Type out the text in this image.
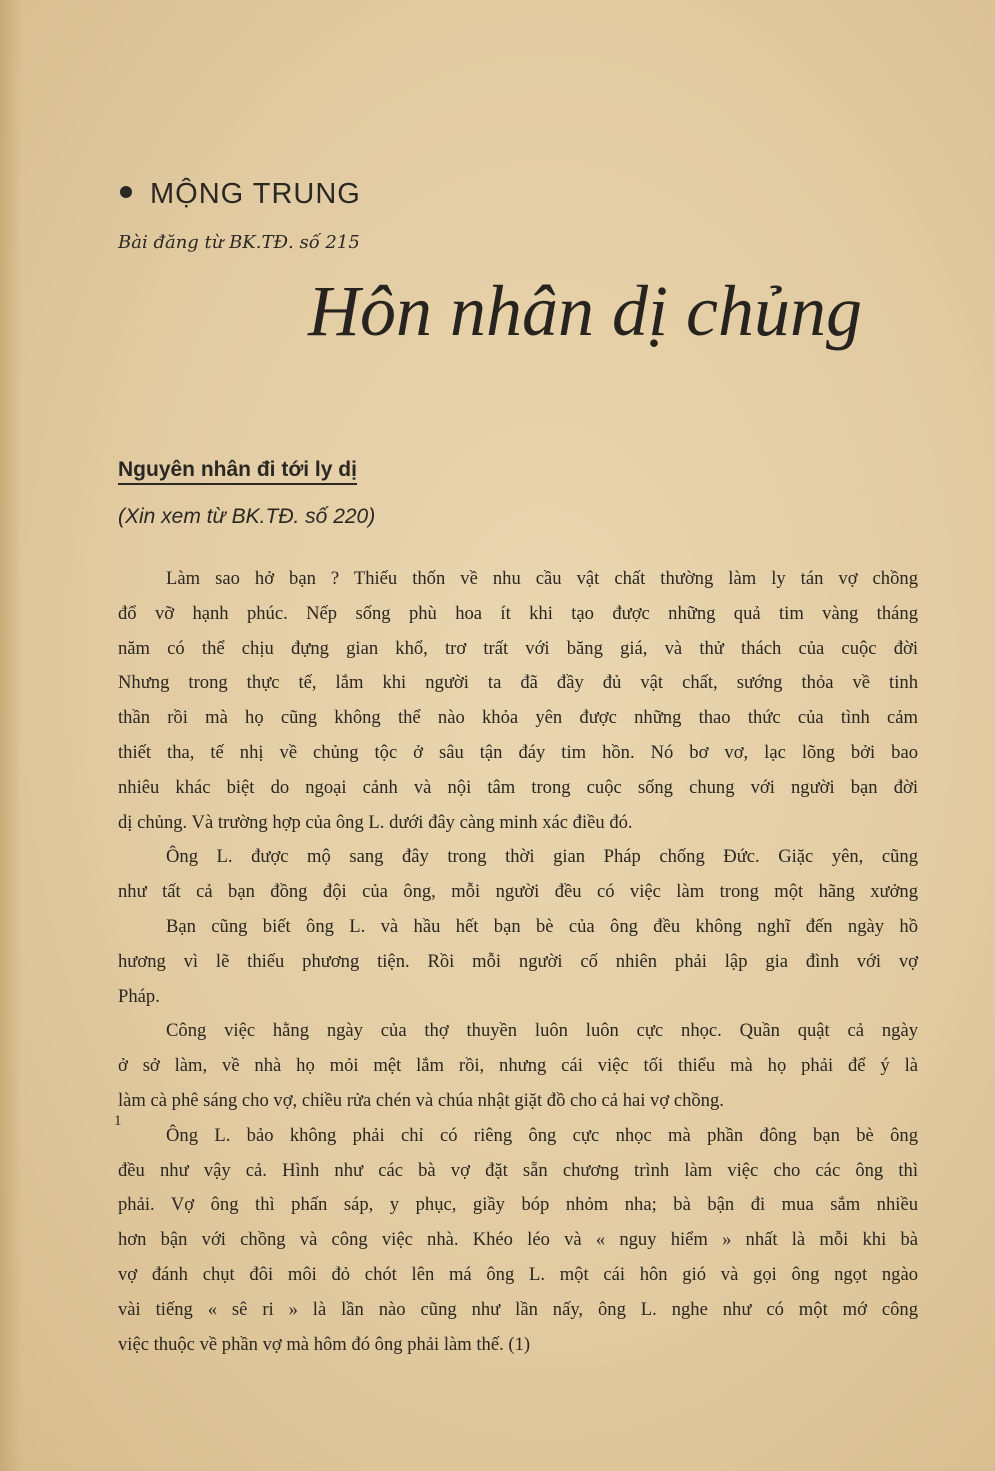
MỘNG TRUNG
Bài đăng từ BK.TĐ. số 215
Hôn nhân dị chủng
Nguyên nhân đi tới ly dị
(Xin xem từ BK.TĐ. số 220)
Làm sao hở bạn ? Thiếu thốn về nhu cầu vật chất thường làm ly tán vợ chồng
đổ vỡ hạnh phúc. Nếp sống phù hoa ít khi tạo được những quả tim vàng tháng
năm có thể chịu đựng gian khổ, trơ trất với băng giá, và thử thách của cuộc đời
Nhưng trong thực tế, lắm khi người ta đã đầy đủ vật chất, sướng thỏa về tinh
thần rồi mà họ cũng không thể nào khỏa yên được những thao thức của tình cảm
thiết tha, tế nhị về chủng tộc ở sâu tận đáy tim hồn. Nó bơ vơ, lạc lõng bởi bao
nhiêu khác biệt do ngoại cảnh và nội tâm trong cuộc sống chung với người bạn đời
dị chủng. Và trường hợp của ông L. dưới đây càng minh xác điều đó.
Ông L. được mộ sang đây trong thời gian Pháp chống Đức. Giặc yên, cũng
như tất cả bạn đồng đội của ông, mỗi người đều có việc làm trong một hãng xưởng
Bạn cũng biết ông L. và hầu hết bạn bè của ông đều không nghĩ đến ngày hồ
hương vì lẽ thiếu phương tiện. Rồi mỗi người cố nhiên phải lập gia đình với vợ
Pháp.
Công việc hằng ngày của thợ thuyền luôn luôn cực nhọc. Quần quật cả ngày
ở sở làm, về nhà họ mỏi mệt lắm rồi, nhưng cái việc tối thiểu mà họ phải để ý là
làm cà phê sáng cho vợ, chiều rửa chén và chúa nhật giặt đồ cho cả hai vợ chồng.
Ông L. bảo không phải chỉ có riêng ông cực nhọc mà phần đông bạn bè ông
đều như vậy cả. Hình như các bà vợ đặt sẵn chương trình làm việc cho các ông thì
phải. Vợ ông thì phấn sáp, y phục, giầy bóp nhỏm nha; bà bận đi mua sắm nhiều
hơn bận với chồng và công việc nhà. Khéo léo và « nguy hiểm » nhất là mỗi khi bà
vợ đánh chụt đôi môi đỏ chót lên má ông L. một cái hôn gió và gọi ông ngọt ngào
vài tiếng « sê ri » là lần nào cũng như lần nấy, ông L. nghe như có một mớ công
việc thuộc về phần vợ mà hôm đó ông phải làm thế. (1)
1
